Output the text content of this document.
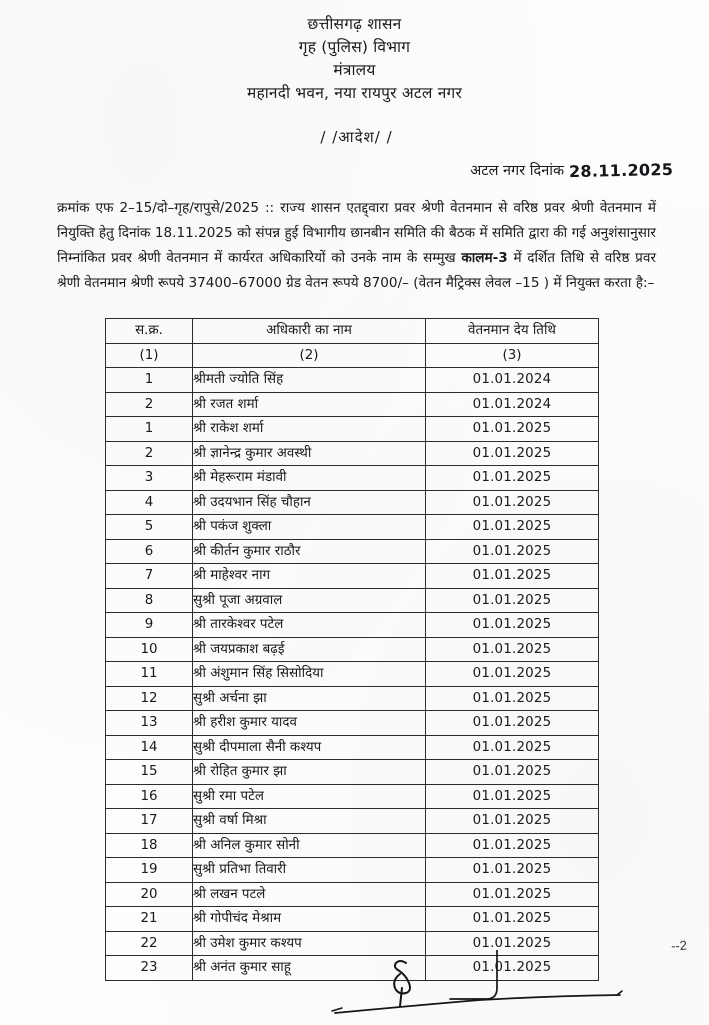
छत्तीसगढ़ शासन
गृह (पुलिस) विभाग
मंत्रालय
महानदी भवन, नया रायपुर अटल नगर
/ /आदेश/ /
अटल नगर दिनांक 28.11.2025
क्रमांक एफ 2–15/दो–गृह/रापुसे/2025 :: राज्य शासन एतद्द्वारा प्रवर श्रेणी वेतनमान से वरिष्ठ प्रवर श्रेणी वेतनमान में नियुक्ति हेतु दिनांक 18.11.2025 को संपन्न हुई विभागीय छानबीन समिति की बैठक में समिति द्वारा की गई अनुशंसानुसार निम्नांकित प्रवर श्रेणी वेतनमान में कार्यरत अधिकारियों को उनके नाम के सम्मुख कालम-3 में दर्शित तिथि से वरिष्ठ प्रवर श्रेणी वेतनमान श्रेणी रूपये 37400–67000 ग्रेड वेतन रूपये 8700/– (वेतन मैट्रिक्स लेवल –15 ) में नियुक्त करता है:–
स.क्र.	अधिकारी का नाम	वेतनमान देय तिथि
(1)	(2)	(3)
1	श्रीमती ज्योति सिंह	01.01.2024
2	श्री रजत शर्मा	01.01.2024
1	श्री राकेश शर्मा	01.01.2025
2	श्री ज्ञानेन्द्र कुमार अवस्थी	01.01.2025
3	श्री मेहरूराम मंडावी	01.01.2025
4	श्री उदयभान सिंह चौहान	01.01.2025
5	श्री पकंज शुक्ला	01.01.2025
6	श्री कीर्तन कुमार राठौर	01.01.2025
7	श्री माहेश्वर नाग	01.01.2025
8	सुश्री पूजा अग्रवाल	01.01.2025
9	श्री तारकेश्वर पटेल	01.01.2025
10	श्री जयप्रकाश बढ़ई	01.01.2025
11	श्री अंशुमान सिंह सिसोदिया	01.01.2025
12	सुश्री अर्चना झा	01.01.2025
13	श्री हरीश कुमार यादव	01.01.2025
14	सुश्री दीपमाला सैनी कश्यप	01.01.2025
15	श्री रोहित कुमार झा	01.01.2025
16	सुश्री रमा पटेल	01.01.2025
17	सुश्री वर्षा मिश्रा	01.01.2025
18	श्री अनिल कुमार सोनी	01.01.2025
19	सुश्री प्रतिभा तिवारी	01.01.2025
20	श्री लखन पटले	01.01.2025
21	श्री गोपीचंद मेश्राम	01.01.2025
22	श्री उमेश कुमार कश्यप	01.01.2025
23	श्री अनंत कुमार साहू	01.01.2025
--2
